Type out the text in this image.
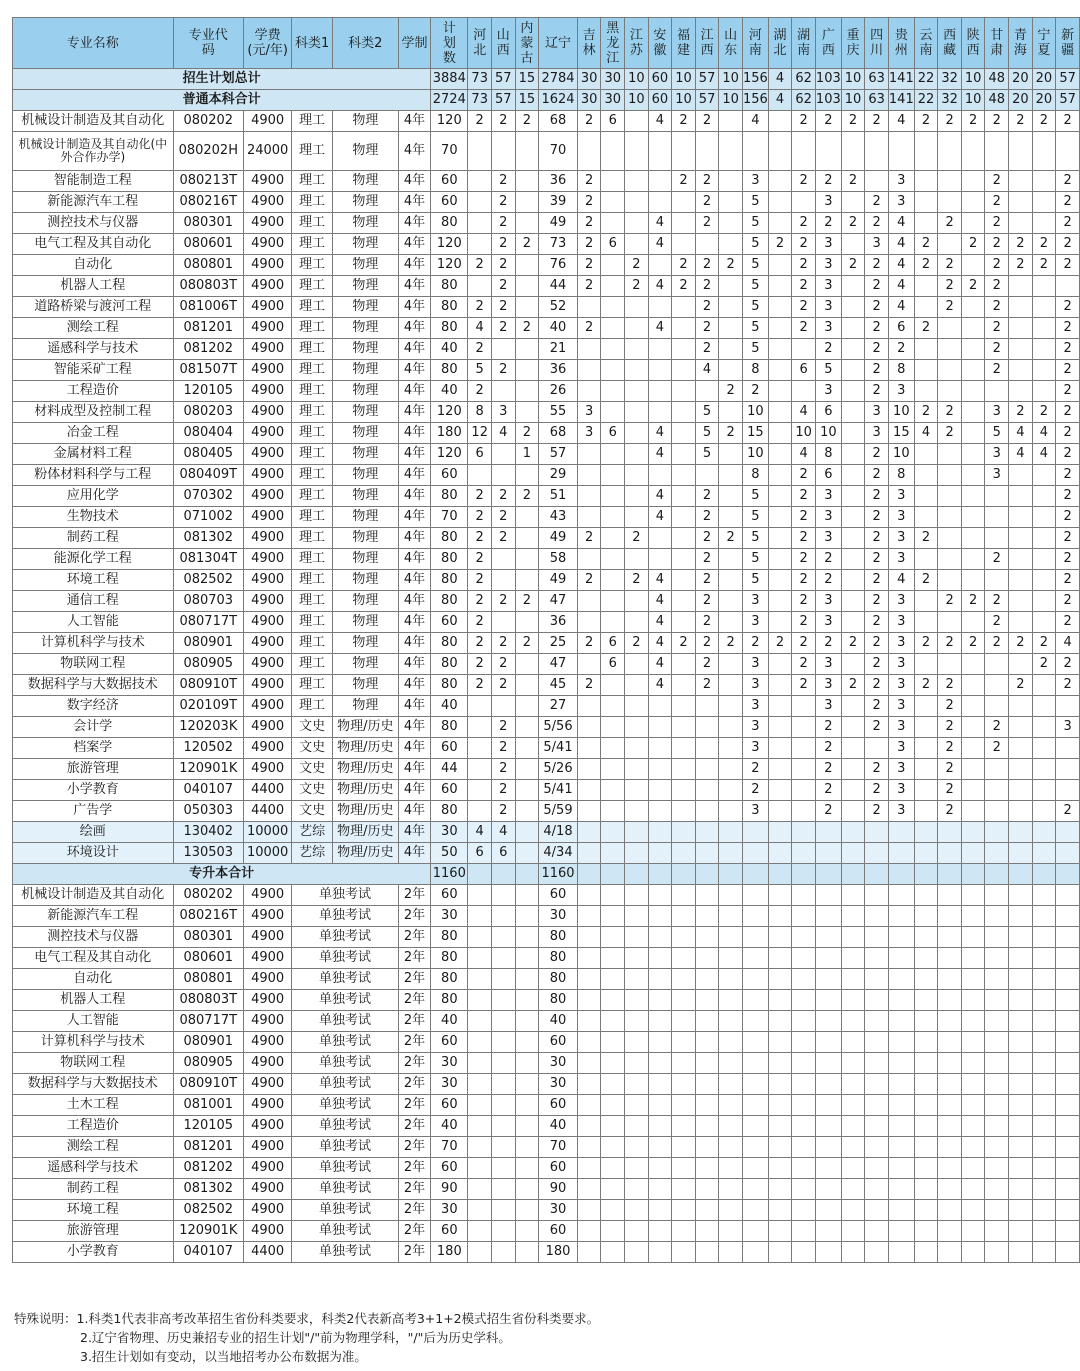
专业名称	专业代码	学费(元/年)	科类1	科类2	学制	计划数	河北	山西	内蒙古	辽宁	吉林	黑龙江	江苏	安徽	福建	江西	山东	河南	湖北	湖南	广西	重庆	四川	贵州	云南	西藏	陕西	甘肃	青海	宁夏	新疆
招生计划总计						3884	73	57	15	2784	30	30	10	60	10	57	10	156	4	62	103	10	63	141	22	32	10	48	20	20	57
普通本科合计						2724	73	57	15	1624	30	30	10	60	10	57	10	156	4	62	103	10	63	141	22	32	10	48	20	20	57
机械设计制造及其自动化	080202	4900	理工	物理	4年	120	2	2	2	68	2	6		4	2	2		4		2	2	2	2	4	2	2	2	2	2	2	2
机械设计制造及其自动化(中外合作办学)	080202H	24000	理工	物理	4年	70				70																					
智能制造工程	080213T	4900	理工	物理	4年	60		2		36	2				2	2		3		2	2	2		3				2			2
新能源汽车工程	080216T	4900	理工	物理	4年	60		2		39	2					2		5			3		2	3				2			2
测控技术与仪器	080301	4900	理工	物理	4年	80		2		49	2			4		2		5		2	2	2	2	4		2		2			2
电气工程及其自动化	080601	4900	理工	物理	4年	120		2	2	73	2	6		4				5	2	2	3		3	4	2		2	2	2	2	2
自动化	080801	4900	理工	物理	4年	120	2	2		76	2		2		2	2	2	5		2	3	2	2	4	2	2		2	2	2	2
机器人工程	080803T	4900	理工	物理	4年	80		2		44	2		2	4	2	2		5		2	3		2	4		2	2	2			
道路桥梁与渡河工程	081006T	4900	理工	物理	4年	80	2	2		52						2		5		2	3		2	4		2		2			2
测绘工程	081201	4900	理工	物理	4年	80	4	2	2	40	2			4		2		5		2	3		2	6	2			2			2
遥感科学与技术	081202	4900	理工	物理	4年	40	2			21						2		5			2		2	2				2			2
智能采矿工程	081507T	4900	理工	物理	4年	80	5	2		36						4		8		6	5		2	8				2			2
工程造价	120105	4900	理工	物理	4年	40	2			26							2	2			3		2	3							2
材料成型及控制工程	080203	4900	理工	物理	4年	120	8	3		55	3					5		10		4	6		3	10	2	2		3	2	2	2
冶金工程	080404	4900	理工	物理	4年	180	12	4	2	68	3	6		4		5	2	15		10	10		3	15	4	2		5	4	4	2
金属材料工程	080405	4900	理工	物理	4年	120	6		1	57				4		5		10		4	8		2	10				3	4	4	2
粉体材料科学与工程	080409T	4900	理工	物理	4年	60				29								8		2	6		2	8				3			2
应用化学	070302	4900	理工	物理	4年	80	2	2	2	51				4		2		5		2	3		2	3							2
生物技术	071002	4900	理工	物理	4年	70	2	2		43				4		2		5		2	3		2	3							2
制药工程	081302	4900	理工	物理	4年	80	2	2		49	2		2			2	2	5		2	3		2	3	2						2
能源化学工程	081304T	4900	理工	物理	4年	80	2			58						2		5		2	2		2	3				2			2
环境工程	082502	4900	理工	物理	4年	80	2			49	2		2	4		2		5		2	2		2	4	2						2
通信工程	080703	4900	理工	物理	4年	80	2	2	2	47				4		2		3		2	3		2	3		2	2	2			2
人工智能	080717T	4900	理工	物理	4年	60	2			36				4		2		3		2	3		2	3				2			2
计算机科学与技术	080901	4900	理工	物理	4年	80	2	2	2	25	2	6	2	4	2	2	2	2	2	2	2	2	2	3	2	2	2	2	2	2	4
物联网工程	080905	4900	理工	物理	4年	80	2	2		47		6		4		2		3		2	3		2	3						2	2
数据科学与大数据技术	080910T	4900	理工	物理	4年	80	2	2		45	2			4		2		3		2	3	2	2	3	2	2			2		2
数字经济	020109T	4900	理工	物理	4年	40				27								3			3		2	3		2					
会计学	120203K	4900	文史	物理/历史	4年	80		2		5/56								3			2		2	3		2		2			3
档案学	120502	4900	文史	物理/历史	4年	60		2		5/41								3			2			3		2		2			
旅游管理	120901K	4900	文史	物理/历史	4年	44		2		5/26								2			2		2	3		2					
小学教育	040107	4400	文史	物理/历史	4年	60		2		5/41								2			2		2	3		2					
广告学	050303	4400	文史	物理/历史	4年	80		2		5/59								3			2		2	3		2					2
绘画	130402	10000	艺综	物理/历史	4年	30	4	4		4/18																					
环境设计	130503	10000	艺综	物理/历史	4年	50	6	6		4/34																					
专升本合计						1160				1160																					
机械设计制造及其自动化	080202	4900	单独考试		2年	60				60																					
新能源汽车工程	080216T	4900	单独考试		2年	30				30																					
测控技术与仪器	080301	4900	单独考试		2年	80				80																					
电气工程及其自动化	080601	4900	单独考试		2年	80				80																					
自动化	080801	4900	单独考试		2年	80				80																					
机器人工程	080803T	4900	单独考试		2年	80				80																					
人工智能	080717T	4900	单独考试		2年	40				40																					
计算机科学与技术	080901	4900	单独考试		2年	60				60																					
物联网工程	080905	4900	单独考试		2年	30				30																					
数据科学与大数据技术	080910T	4900	单独考试		2年	30				30																					
土木工程	081001	4900	单独考试		2年	60				60																					
工程造价	120105	4900	单独考试		2年	40				40																					
测绘工程	081201	4900	单独考试		2年	70				70																					
遥感科学与技术	081202	4900	单独考试		2年	60				60																					
制药工程	081302	4900	单独考试		2年	90				90																					
环境工程	082502	4900	单独考试		2年	30				30																					
旅游管理	120901K	4900	单独考试		2年	60				60																					
小学教育	040107	4400	单独考试		2年	180				180																					
特殊说明：1.科类1代表非高考改革招生省份科类要求，科类2代表新高考3+1+2模式招生省份科类要求。
2.辽宁省物理、历史兼招专业的招生计划"/"前为物理学科，"/"后为历史学科。
3.招生计划如有变动，以当地招考办公布数据为准。
